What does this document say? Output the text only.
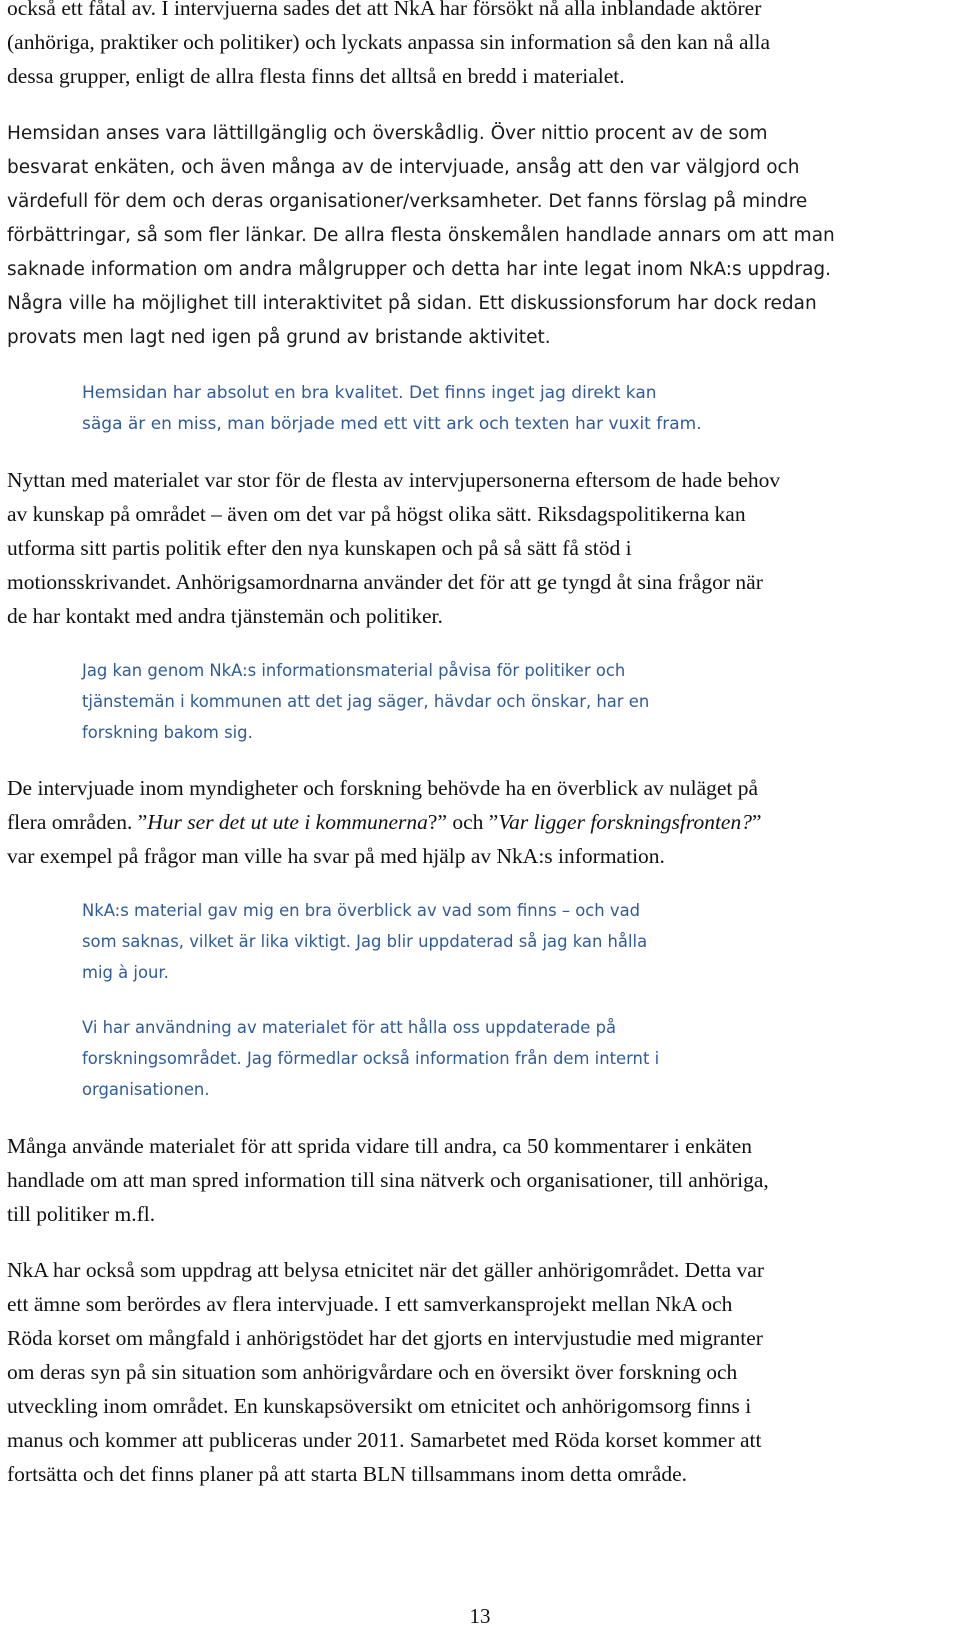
också ett fåtal av. I intervjuerna sades det att NkA har försökt nå alla inblandade aktörer
(anhöriga, praktiker och politiker) och lyckats anpassa sin information så den kan nå alla
dessa grupper, enligt de allra flesta finns det alltså en bredd i materialet.
Hemsidan anses vara lättillgänglig och överskådlig. Över nittio procent av de som
besvarat enkäten, och även många av de intervjuade, ansåg att den var välgjord och
värdefull för dem och deras organisationer/verksamheter. Det fanns förslag på mindre
förbättringar, så som fler länkar. De allra flesta önskemålen handlade annars om att man
saknade information om andra målgrupper och detta har inte legat inom NkA:s uppdrag.
Några ville ha möjlighet till interaktivitet på sidan. Ett diskussionsforum har dock redan
provats men lagt ned igen på grund av bristande aktivitet.
Hemsidan har absolut en bra kvalitet. Det finns inget jag direkt kan
säga är en miss, man började med ett vitt ark och texten har vuxit fram.
Nyttan med materialet var stor för de flesta av intervjupersonerna eftersom de hade behov
av kunskap på området – även om det var på högst olika sätt. Riksdagspolitikerna kan
utforma sitt partis politik efter den nya kunskapen och på så sätt få stöd i
motionsskrivandet. Anhörigsamordnarna använder det för att ge tyngd åt sina frågor när
de har kontakt med andra tjänstemän och politiker.
Jag kan genom NkA:s informationsmaterial påvisa för politiker och
tjänstemän i kommunen att det jag säger, hävdar och önskar, har en
forskning bakom sig.
De intervjuade inom myndigheter och forskning behövde ha en överblick av nuläget på
flera områden. ”Hur ser det ut ute i kommunerna?” och ”Var ligger forskningsfronten?”
var exempel på frågor man ville ha svar på med hjälp av NkA:s information.
NkA:s material gav mig en bra överblick av vad som finns – och vad
som saknas, vilket är lika viktigt. Jag blir uppdaterad så jag kan hålla
mig à jour.
Vi har användning av materialet för att hålla oss uppdaterade på
forskningsområdet. Jag förmedlar också information från dem internt i
organisationen.
Många använde materialet för att sprida vidare till andra, ca 50 kommentarer i enkäten
handlade om att man spred information till sina nätverk och organisationer, till anhöriga,
till politiker m.fl.
NkA har också som uppdrag att belysa etnicitet när det gäller anhörigområdet. Detta var
ett ämne som berördes av flera intervjuade. I ett samverkansprojekt mellan NkA och
Röda korset om mångfald i anhörigstödet har det gjorts en intervjustudie med migranter
om deras syn på sin situation som anhörigvårdare och en översikt över forskning och
utveckling inom området. En kunskapsöversikt om etnicitet och anhörigomsorg finns i
manus och kommer att publiceras under 2011. Samarbetet med Röda korset kommer att
fortsätta och det finns planer på att starta BLN tillsammans inom detta område.
13
